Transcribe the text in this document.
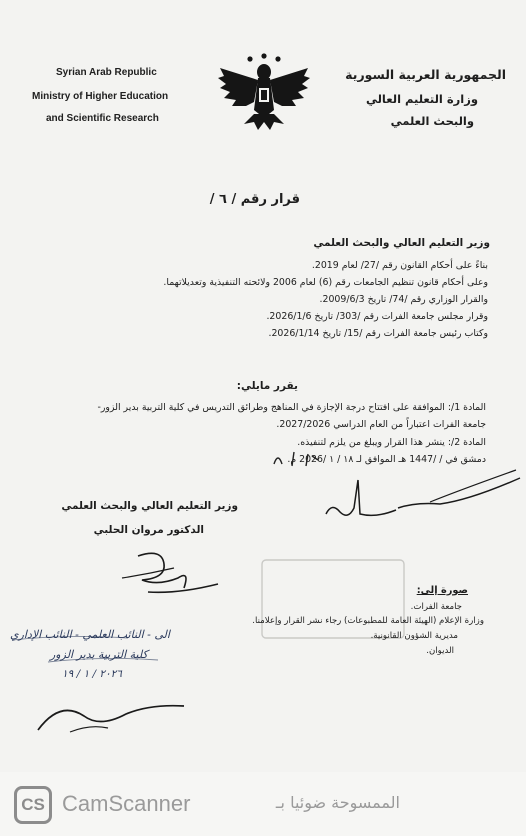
Syrian Arab Republic
Ministry of Higher Education
and Scientific Research
الجمهورية العربية السورية
وزارة التعليم العالي
والبحث العلمي
قرار رقم / ٦ /
وزير التعليم العالي والبحث العلمي
بناءً على أحكام القانون رقم /27/ لعام 2019.
وعلى أحكام قانون تنظيم الجامعات رقم (6) لعام 2006 ولائحته التنفيذية وتعديلاتهما.
والقرار الوزاري رقم /74/ تاريخ 2009/6/3.
وقرار مجلس جامعة الفرات رقم /303/ تاريخ 2026/1/6.
وكتاب رئيس جامعة الفرات رقم /15/ تاريخ 2026/1/14.
يقرر مايلي:
المادة 1/: الموافقة على افتتاح درجة الإجازة في المناهج وطرائق التدريس في كلية التربية بدير الزور-
جامعة الفرات اعتباراً من العام الدراسي 2027/2026.
المادة 2/: ينشر هذا القرار ويبلغ من يلزم لتنفيذه.
دمشق في / /1447 هـ الموافق لـ ١٨ / ١ /2026 م.
وزير التعليم العالي والبحث العلمي
الدكتور مروان الحلبي
صورة إلى:
جامعة الفرات.
وزارة الإعلام (الهيئة العامة للمطبوعات) رجاء نشر القرار وإعلامنا.
مديرية الشؤون القانونية.
الديوان.
الى - النائب العلمي - النائب الإداري
كلية التربية بدير الزور
٢٠٢٦ / ١ / ١٩
CS CamScanner	الممسوحة ضوئيا بـ
